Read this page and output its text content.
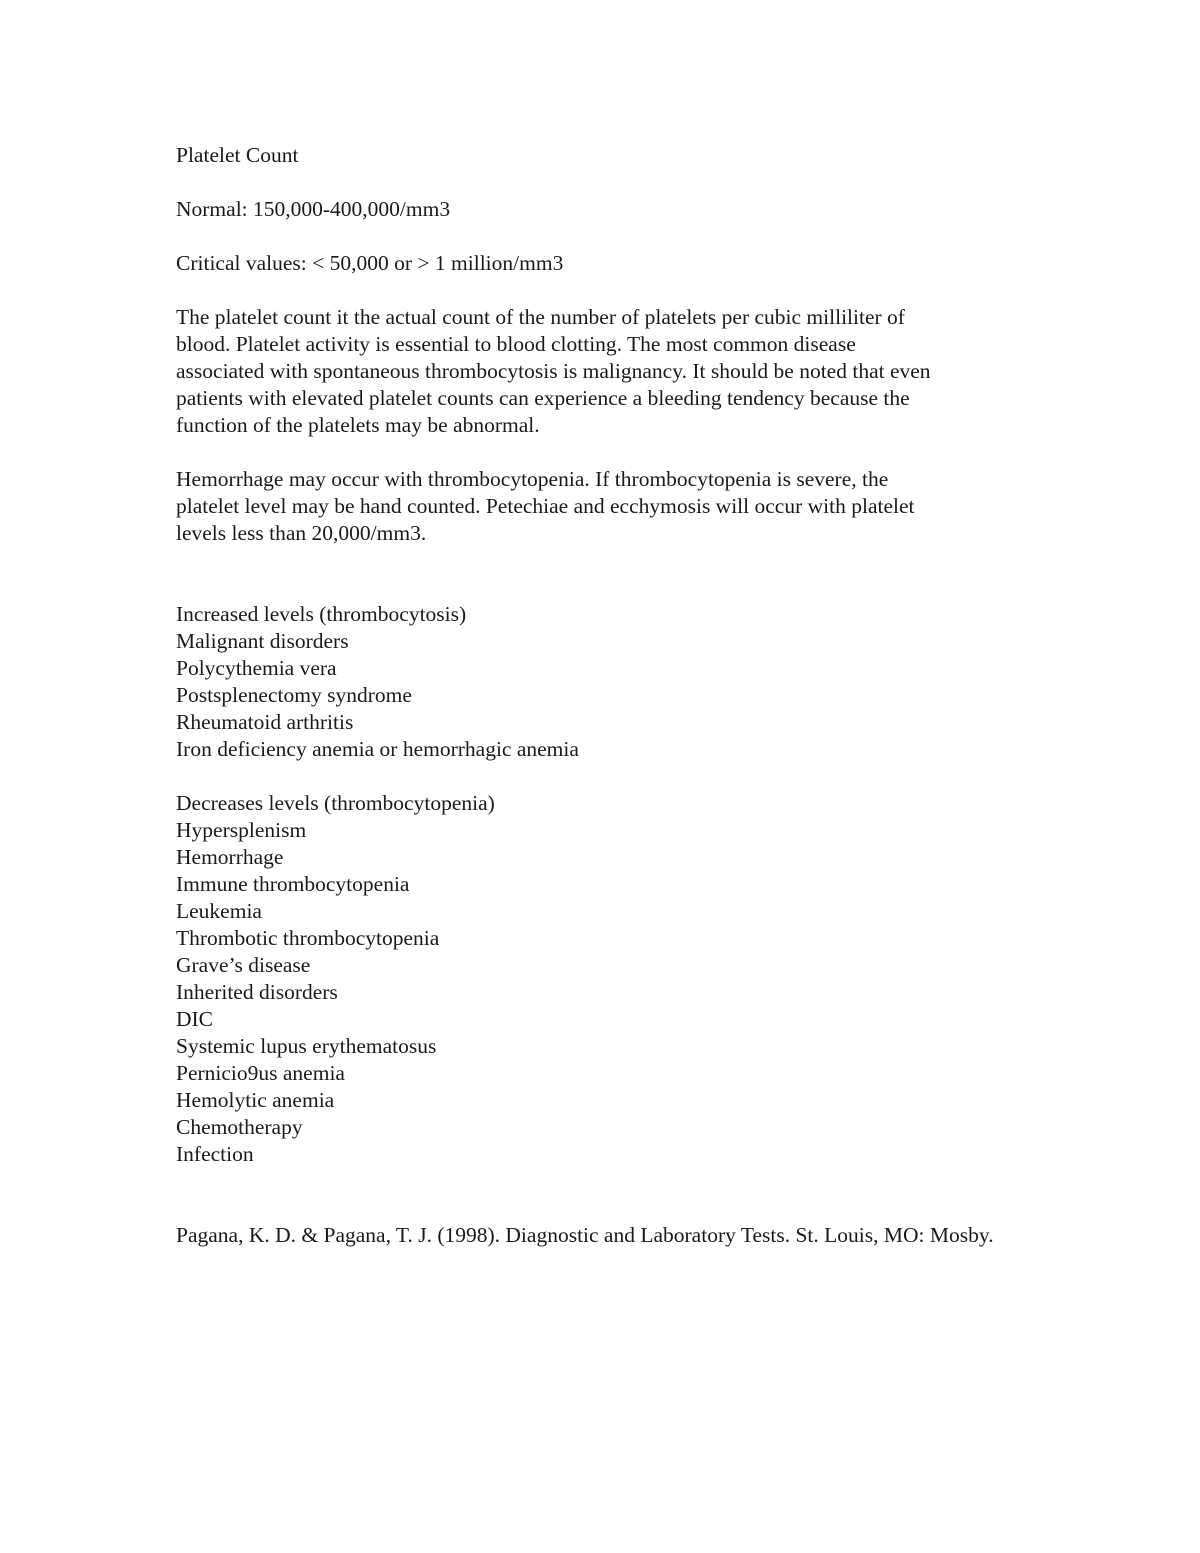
Platelet Count

Normal: 150,000-400,000/mm3

Critical values: < 50,000 or > 1 million/mm3

The platelet count it the actual count of the number of platelets per cubic milliliter of
blood. Platelet activity is essential to blood clotting. The most common disease
associated with spontaneous thrombocytosis is malignancy. It should be noted that even
patients with elevated platelet counts can experience a bleeding tendency because the
function of the platelets may be abnormal.
Hemorrhage may occur with thrombocytopenia. If thrombocytopenia is severe, the
platelet level may be hand counted. Petechiae and ecchymosis will occur with platelet
levels less than 20,000/mm3.
Increased levels (thrombocytosis)
Malignant disorders
Polycythemia vera
Postsplenectomy syndrome
Rheumatoid arthritis
Iron deficiency anemia or hemorrhagic anemia
Decreases levels (thrombocytopenia)
Hypersplenism
Hemorrhage
Immune thrombocytopenia
Leukemia
Thrombotic thrombocytopenia
Grave’s disease
Inherited disorders
DIC
Systemic lupus erythematosus
Pernicio9us anemia
Hemolytic anemia
Chemotherapy
Infection

Pagana, K. D. & Pagana, T. J. (1998). Diagnostic and Laboratory Tests. St. Louis, MO: Mosby.
